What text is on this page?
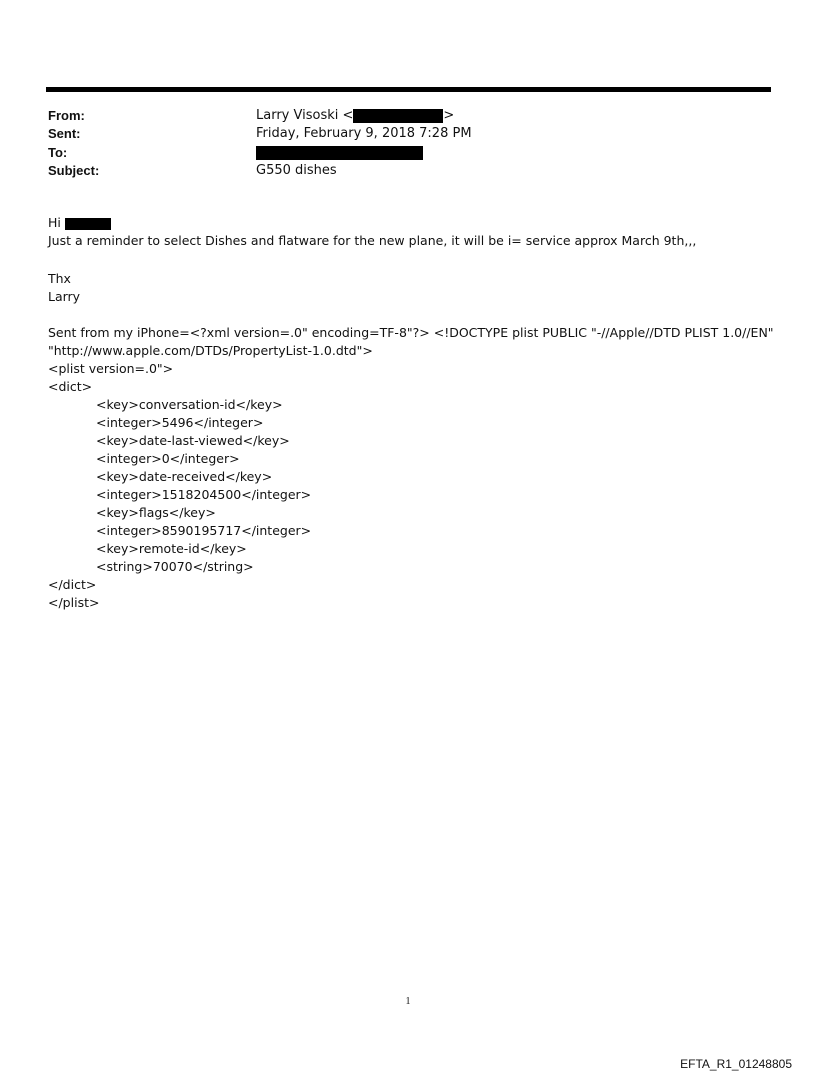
From:	Larry Visoski <	>
Sent:	Friday, February 9, 2018 7:28 PM
To:
Subject:	G550 dishes
Hi
Just a reminder to select Dishes and flatware for the new plane, it will be i= service approx March 9th,,,
Thx
Larry
Sent from my iPhone=<?xml version=.0" encoding=TF-8"?> <!DOCTYPE plist PUBLIC "-//Apple//DTD PLIST 1.0//EN"
"http://www.apple.com/DTDs/PropertyList-1.0.dtd">
<plist version=.0">
<dict>
<key>conversation-id</key>
<integer>5496</integer>
<key>date-last-viewed</key>
<integer>0</integer>
<key>date-received</key>
<integer>1518204500</integer>
<key>flags</key>
<integer>8590195717</integer>
<key>remote-id</key>
<string>70070</string>
</dict>
</plist>
1
EFTA_R1_01248805
